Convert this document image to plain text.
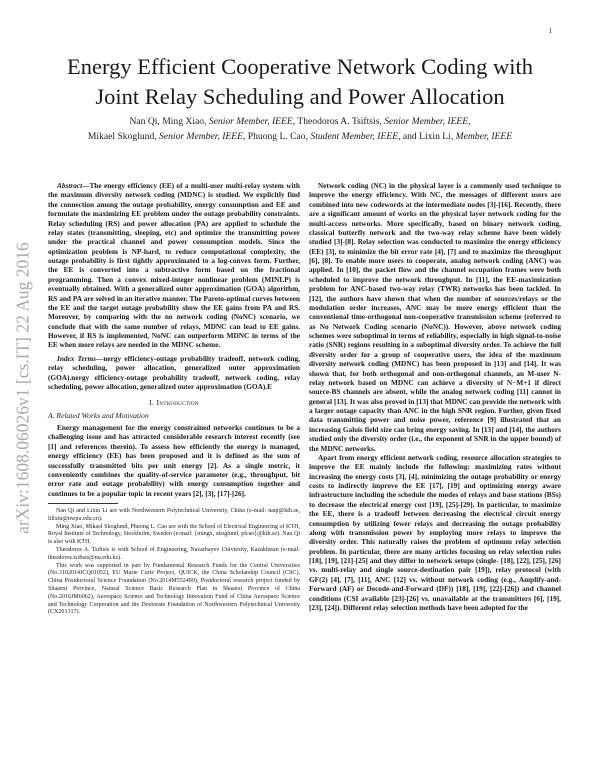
1
arXiv:1608.06026v1 [cs.IT] 22 Aug 2016
Energy Efficient Cooperative Network Coding with Joint Relay Scheduling and Power Allocation
Nan Qi, Ming Xiao, Senior Member, IEEE, Theodoros A. Tsiftsis, Senior Member, IEEE,
Mikael Skoglund, Senior Member, IEEE, Phuong L. Cao, Student Member, IEEE, and Lixin Li, Member, IEEE

Abstract—The energy efficiency (EE) of a multi-user multi-relay system with the maximum diversity network coding (MDNC) is studied. We explicitly find the connection among the outage probability, energy consumption and EE and formulate the maximizing EE problem under the outage probability constraints. Relay scheduling (RS) and power allocation (PA) are applied to schedule the relay states (transmitting, sleeping, etc) and optimize the transmitting power under the practical channel and power consumption models. Since the optimization problem is NP-hard, to reduce computational complexity, the outage probability is first tightly approximated to a log-convex form. Further, the EE is converted into a subtractive form based on the fractional programming. Then a convex mixed-integer nonlinear problem (MINLP) is eventually obtained. With a generalized outer approximation (GOA) algorithm, RS and PA are solved in an iterative manner. The Pareto-optimal curves between the EE and the target outage probability show the EE gains from PA and RS. Moreover, by comparing with the no network coding (NoNC) scenario, we conclude that with the same number of relays, MDNC can lead to EE gains. However, if RS is implemented, NoNC can outperform MDNC in terms of the EE when more relays are needed in the MDNC scheme.

Index Terms—nergy efficiency-outage probability tradeoff, network coding, relay scheduling, power allocation, generalized outer approximation (GOA).nergy efficiency-outage probability tradeoff, network coding, relay scheduling, power allocation, generalized outer approximation (GOA).E

I. Introduction
A. Related Works and Motivation

Energy management for the energy constrained networks continues to be a challenging issue and has attracted considerable research interest recently (see [1] and references therein). To assess how efficiently the energy is managed, energy efficiency (EE) has been proposed and it is defined as the sum of successfully transmitted bits per unit energy [2]. As a single metric, it conveniently combines the quality-of-service parameter (e.g., throughput, bit error rate and outage probability) with energy consumption together and continues to be a popular topic in recent years [2], [3], [17]-[26].

Nan Qi and Lixin Li are with Northwestern Polytechnical University, China (e-mail: naqi@kth.se, lilixin@nwpu.edu.cn).

Ming Xiao, Mikael Skoglund, Phuong L. Cao are with the School of Electrical Engineering of KTH, Royal Institute of Technology, Stockholm, Sweden (e-mail: {mingx, skoglund, plcao}@kth.se). Nan Qi is also with KTH.

Theodoros A. Tsiftsis is with School of Engineering, Nazarbayev University, Kazakhstan (e-mail: theodoros.tsiftsis@nu.edu.kz).

This work was supported in part by Fundamental Research Funds for the Central Universities (No.3102014JCQ01052), EU Marie Curie Project, QUICK, the China Scholarship Council (CSC), China Postdoctoral Science Foundation (No.2014M552489), Postdoctoral research project funded by Shaanxi Province, Natural Science Basic Research Plan in Shaanxi Province of China (No.2016JM6062), Aerospace Science and Technology Innovation Fund of China Aerospace Science and Technology Corporation and the Doctorate Foundation of Northwestern Polytechnical University (CX201317).

Network coding (NC) in the physical layer is a commonly used technique to improve the energy efficiency. With NC, the messages of different users are combined into new codewords at the intermediate nodes [3]-[16]. Recently, there are a significant amount of works on the physical layer network coding for the multi-access networks. More specifically, based on binary network coding, classical butterfly network and the two-way relay scheme have been widely studied [3]-[8]. Relay selection was conducted to maximize the energy efficiency (EE) [3], to minimize the bit error rate [4], [7] and to maximize the throughput [6], [8]. To enable more users to cooperate, analog network coding (ANC) was applied. In [10], the packet flow and the channel occupation frames were both scheduled to improve the network throughput. In [11], the EE-maximization problem for ANC-based two-way relay (TWR) networks has been tackled. In [12], the authors have shown that when the number of sources/relays or the modulation order increases, ANC may be more energy efficient than the conventional time-orthogonal non-cooperative transmission scheme (referred to as No Network Coding scenario (NoNC)). However, above network coding schemes were suboptimal in terms of reliability, especially in high signal-to-noise ratio (SNR) regions resulting in a suboptimal diversity order. To achieve the full diversity order for a group of cooperative users, the idea of the maximum diversity network coding (MDNC) has been proposed in [13] and [14]. It was shown that, for both orthogonal and non-orthogonal channels, an M-user N-relay network based on MDNC can achieve a diversity of N−M+1 if direct source-BS channels are absent, while the analog network coding [11] cannot in general [13]. It was also proved in [13] that MDNC can provide the network with a larger outage capacity than ANC in the high SNR region. Further, given fixed data transmitting power and noise power, reference [9] illustrated that an increasing Galois field size can bring energy saving. In [13] and [14], the authors studied only the diversity order (i.e., the exponent of SNR in the upper bound) of the MDNC networks.

Apart from energy efficient network coding, resource allocation strategies to improve the EE mainly include the following: maximizing rates without increasing the energy costs [3], [4], minimizing the outage probability or energy costs to indirectly improve the EE [17], [19] and optimizing energy aware infrastructure including the schedule the modes of relays and base stations (BSs) to decrease the electrical energy cost [19], [25]-[29]. In particular, to maximize the EE, there is a tradeoff between decreasing the electrical circuit energy consumption by utilizing fewer relays and decreasing the outage probability along with transmission power by employing more relays to improve the diversity order. This naturally raises the problem of optimum relay selection problem. In particular, there are many articles focusing on relay selection rules [18], [19], [21]-[25] and they differ in network setups (single- [18], [22], [25], [26] vs. multi-relay and single source-destination pair [19]), relay protocol (with GF(2) [4], [7], [11], ANC [12] vs. without network coding (e.g., Amplify-and-Forward (AF) or Decode-and-Forward (DF)) [18], [19], [22]-[26]) and channel conditions (CSI available [23]-[26] vs. unavailable at the transmitters [6], [19], [23], [24]). Different relay selection methods have been adopted for the
